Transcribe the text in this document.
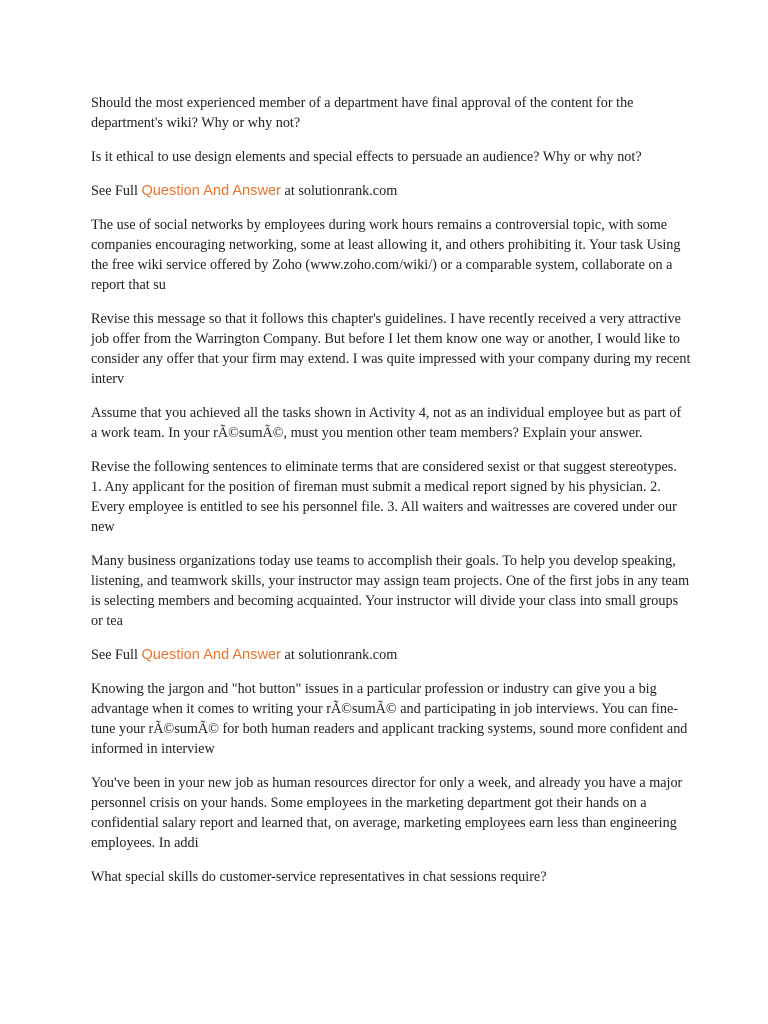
Should the most experienced member of a department have final approval of the content for the department's wiki? Why or why not?

Is it ethical to use design elements and special effects to persuade an audience? Why or why not?

See Full Question And Answer at solutionrank.com

The use of social networks by employees during work hours remains a controversial topic, with some companies encouraging networking, some at least allowing it, and others prohibiting it. Your task Using the free wiki service offered by Zoho (www.zoho.com/wiki/) or a comparable system, collaborate on a report that su

Revise this message so that it follows this chapter's guidelines. I have recently received a very attractive job offer from the Warrington Company. But before I let them know one way or another, I would like to consider any offer that your firm may extend. I was quite impressed with your company during my recent interv

Assume that you achieved all the tasks shown in Activity 4, not as an individual employee but as part of a work team. In your rÃ©sumÃ©, must you mention other team members? Explain your answer.

Revise the following sentences to eliminate terms that are considered sexist or that suggest stereotypes. 1. Any applicant for the position of fireman must submit a medical report signed by his physician. 2. Every employee is entitled to see his personnel file. 3. All waiters and waitresses are covered under our new

Many business organizations today use teams to accomplish their goals. To help you develop speaking, listening, and teamwork skills, your instructor may assign team projects. One of the first jobs in any team is selecting members and becoming acquainted. Your instructor will divide your class into small groups or tea

See Full Question And Answer at solutionrank.com

Knowing the jargon and "hot button" issues in a particular profession or industry can give you a big advantage when it comes to writing your rÃ©sumÃ© and participating in job interviews. You can fine-tune your rÃ©sumÃ© for both human readers and applicant tracking systems, sound more confident and informed in interview

You've been in your new job as human resources director for only a week, and already you have a major personnel crisis on your hands. Some employees in the marketing department got their hands on a confidential salary report and learned that, on average, marketing employees earn less than engineering employees. In addi

What special skills do customer-service representatives in chat sessions require?
